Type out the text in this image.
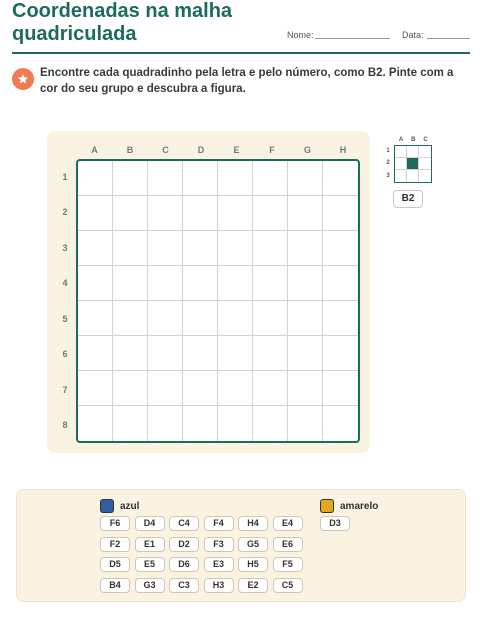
Coordenadas na malha quadriculada	Nome:	Data:
Encontre cada quadradinho pela letra e pelo número, como B2. Pinte com a cor do seu grupo e descubra a figura.
B2
A	B	C	D	E	F	G	H
1
2
3
4
5
6
7
8
A	B	C
1
2
3
azul
F6	D4	C4	F4	H4	E4
F2	E1	D2	F3	G5	E6
D5	E5	D6	E3	H5	F5
B4	G3	C3	H3	E2	C5
amarelo
D3
